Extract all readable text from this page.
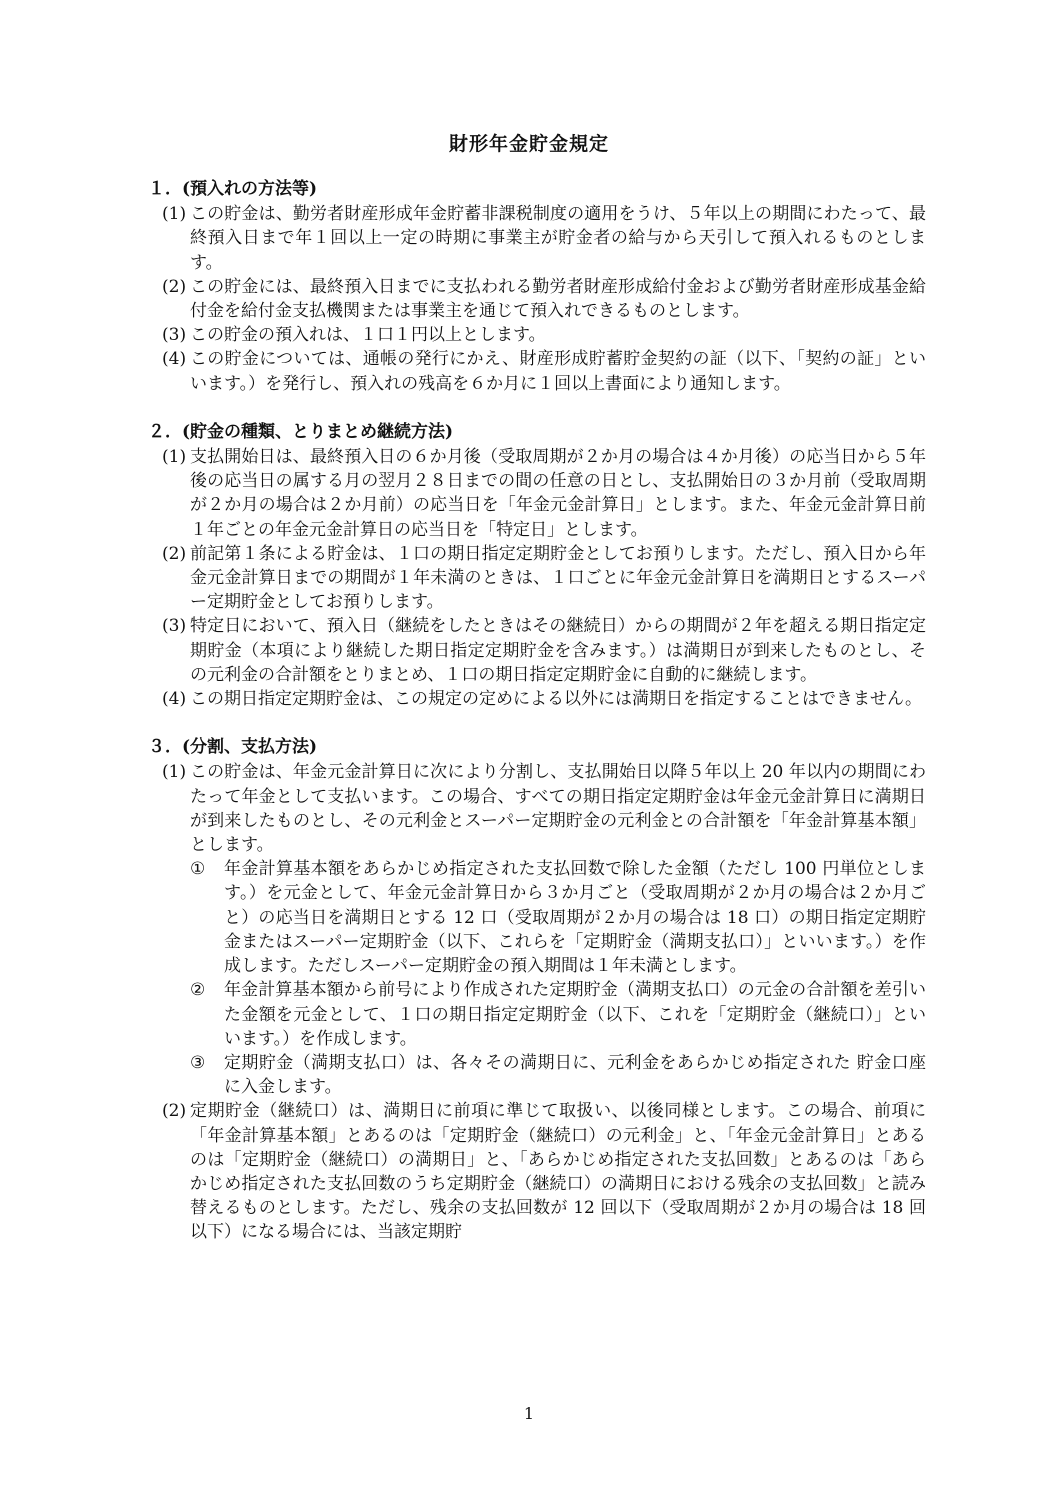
財形年金貯金規定
１．(預入れの方法等)
(1) この貯金は、勤労者財産形成年金貯蓄非課税制度の適用をうけ、５年以上の期間にわたって、最終預入日まで年１回以上一定の時期に事業主が貯金者の給与から天引して預入れるものとします。
(2) この貯金には、最終預入日までに支払われる勤労者財産形成給付金および勤労者財産形成基金給付金を給付金支払機関または事業主を通じて預入れできるものとします。
(3) この貯金の預入れは、１口１円以上とします。
(4) この貯金については、通帳の発行にかえ、財産形成貯蓄貯金契約の証（以下、「契約の証」といいます。）を発行し、預入れの残高を６か月に１回以上書面により通知します。
２．(貯金の種類、とりまとめ継続方法)
(1) 支払開始日は、最終預入日の６か月後（受取周期が２か月の場合は４か月後）の応当日から５年後の応当日の属する月の翌月２８日までの間の任意の日とし、支払開始日の３か月前（受取周期が２か月の場合は２か月前）の応当日を「年金元金計算日」とします。また、年金元金計算日前１年ごとの年金元金計算日の応当日を「特定日」とします。
(2) 前記第１条による貯金は、１口の期日指定定期貯金としてお預りします。ただし、預入日から年金元金計算日までの期間が１年未満のときは、１口ごとに年金元金計算日を満期日とするスーパー定期貯金としてお預りします。
(3) 特定日において、預入日（継続をしたときはその継続日）からの期間が２年を超える期日指定定期貯金（本項により継続した期日指定定期貯金を含みます。）は満期日が到来したものとし、その元利金の合計額をとりまとめ、１口の期日指定定期貯金に自動的に継続します。
(4) この期日指定定期貯金は、この規定の定めによる以外には満期日を指定することはできません。
３．(分割、支払方法)
(1) この貯金は、年金元金計算日に次により分割し、支払開始日以降５年以上 20 年以内の期間にわたって年金として支払います。この場合、すべての期日指定定期貯金は年金元金計算日に満期日が到来したものとし、その元利金とスーパー定期貯金の元利金との合計額を「年金計算基本額」とします。
①	年金計算基本額をあらかじめ指定された支払回数で除した金額（ただし 100 円単位とします。）を元金として、年金元金計算日から３か月ごと（受取周期が２か月の場合は２か月ごと）の応当日を満期日とする 12 口（受取周期が２か月の場合は 18 口）の期日指定定期貯金またはスーパー定期貯金（以下、これらを「定期貯金（満期支払口）」といいます。）を作成します。ただしスーパー定期貯金の預入期間は１年未満とします。
②	年金計算基本額から前号により作成された定期貯金（満期支払口）の元金の合計額を差引いた金額を元金として、１口の期日指定定期貯金（以下、これを「定期貯金（継続口）」といいます。）を作成します。
③	定期貯金（満期支払口）は、各々その満期日に、元利金をあらかじめ指定された 貯金口座に入金します。
(2) 定期貯金（継続口）は、満期日に前項に準じて取扱い、以後同様とします。この場合、前項に「年金計算基本額」とあるのは「定期貯金（継続口）の元利金」と、「年金元金計算日」とあるのは「定期貯金（継続口）の満期日」と、「あらかじめ指定された支払回数」とあるのは「あらかじめ指定された支払回数のうち定期貯金（継続口）の満期日における残余の支払回数」と読み替えるものとします。ただし、残余の支払回数が 12 回以下（受取周期が２か月の場合は 18 回以下）になる場合には、当該定期貯
1
